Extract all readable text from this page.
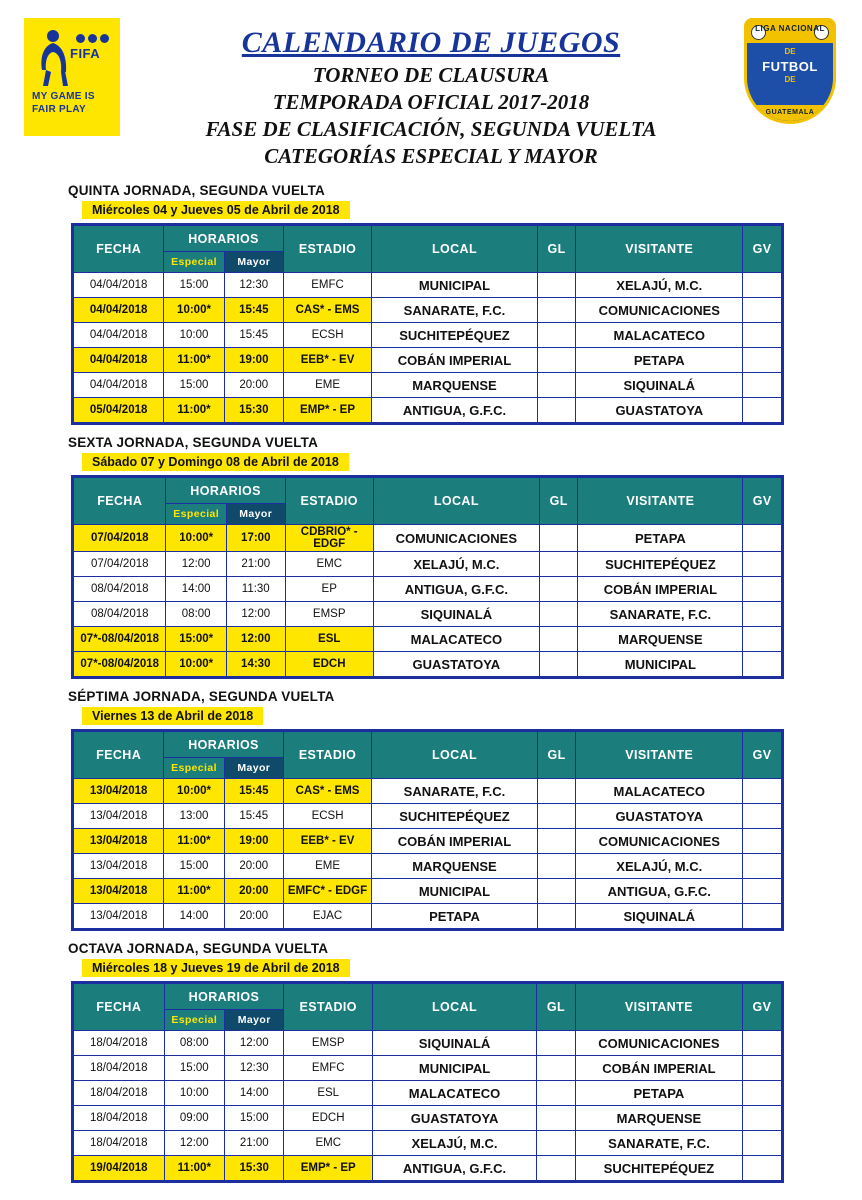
FIFA
MY GAME IS
FAIR PLAY
CALENDARIO DE JUEGOS
TORNEO DE CLAUSURA
TEMPORADA OFICIAL 2017-2018
FASE DE CLASIFICACIÓN, SEGUNDA VUELTA
CATEGORÍAS ESPECIAL Y MAYOR
LIGA NACIONAL
DE
FUTBOL
DE
GUATEMALA
QUINTA JORNADA, SEGUNDA VUELTA
Miércoles 04 y Jueves 05 de Abril de 2018
FECHA	HORARIOS		ESTADIO	LOCAL	GL	VISITANTE	GV
	Especial	Mayor					
04/04/2018	15:00	12:30	EMFC	MUNICIPAL		XELAJÚ, M.C.	
04/04/2018	10:00*	15:45	CAS* - EMS	SANARATE, F.C.		COMUNICACIONES	
04/04/2018	10:00	15:45	ECSH	SUCHITEPÉQUEZ		MALACATECO	
04/04/2018	11:00*	19:00	EEB* - EV	COBÁN IMPERIAL		PETAPA	
04/04/2018	15:00	20:00	EME	MARQUENSE		SIQUINALÁ	
05/04/2018	11:00*	15:30	EMP* - EP	ANTIGUA, G.F.C.		GUASTATOYA	
SEXTA JORNADA, SEGUNDA VUELTA
Sábado 07 y Domingo 08 de Abril de 2018
FECHA	HORARIOS		ESTADIO	LOCAL	GL	VISITANTE	GV
	Especial	Mayor					
07/04/2018	10:00*	17:00	CDBRIO* - EDGF	COMUNICACIONES		PETAPA	
07/04/2018	12:00	21:00	EMC	XELAJÚ, M.C.		SUCHITEPÉQUEZ	
08/04/2018	14:00	11:30	EP	ANTIGUA, G.F.C.		COBÁN IMPERIAL	
08/04/2018	08:00	12:00	EMSP	SIQUINALÁ		SANARATE, F.C.	
07*-08/04/2018	15:00*	12:00	ESL	MALACATECO		MARQUENSE	
07*-08/04/2018	10:00*	14:30	EDCH	GUASTATOYA		MUNICIPAL	
SÉPTIMA JORNADA, SEGUNDA VUELTA
Viernes 13 de Abril de 2018
FECHA	HORARIOS		ESTADIO	LOCAL	GL	VISITANTE	GV
	Especial	Mayor					
13/04/2018	10:00*	15:45	CAS* - EMS	SANARATE, F.C.		MALACATECO	
13/04/2018	13:00	15:45	ECSH	SUCHITEPÉQUEZ		GUASTATOYA	
13/04/2018	11:00*	19:00	EEB* - EV	COBÁN IMPERIAL		COMUNICACIONES	
13/04/2018	15:00	20:00	EME	MARQUENSE		XELAJÚ, M.C.	
13/04/2018	11:00*	20:00	EMFC* - EDGF	MUNICIPAL		ANTIGUA, G.F.C.	
13/04/2018	14:00	20:00	EJAC	PETAPA		SIQUINALÁ	
OCTAVA JORNADA, SEGUNDA VUELTA
Miércoles 18 y Jueves 19 de Abril de 2018
FECHA	HORARIOS		ESTADIO	LOCAL	GL	VISITANTE	GV
	Especial	Mayor					
18/04/2018	08:00	12:00	EMSP	SIQUINALÁ		COMUNICACIONES	
18/04/2018	15:00	12:30	EMFC	MUNICIPAL		COBÁN IMPERIAL	
18/04/2018	10:00	14:00	ESL	MALACATECO		PETAPA	
18/04/2018	09:00	15:00	EDCH	GUASTATOYA		MARQUENSE	
18/04/2018	12:00	21:00	EMC	XELAJÚ, M.C.		SANARATE, F.C.	
19/04/2018	11:00*	15:30	EMP* - EP	ANTIGUA, G.F.C.		SUCHITEPÉQUEZ	
